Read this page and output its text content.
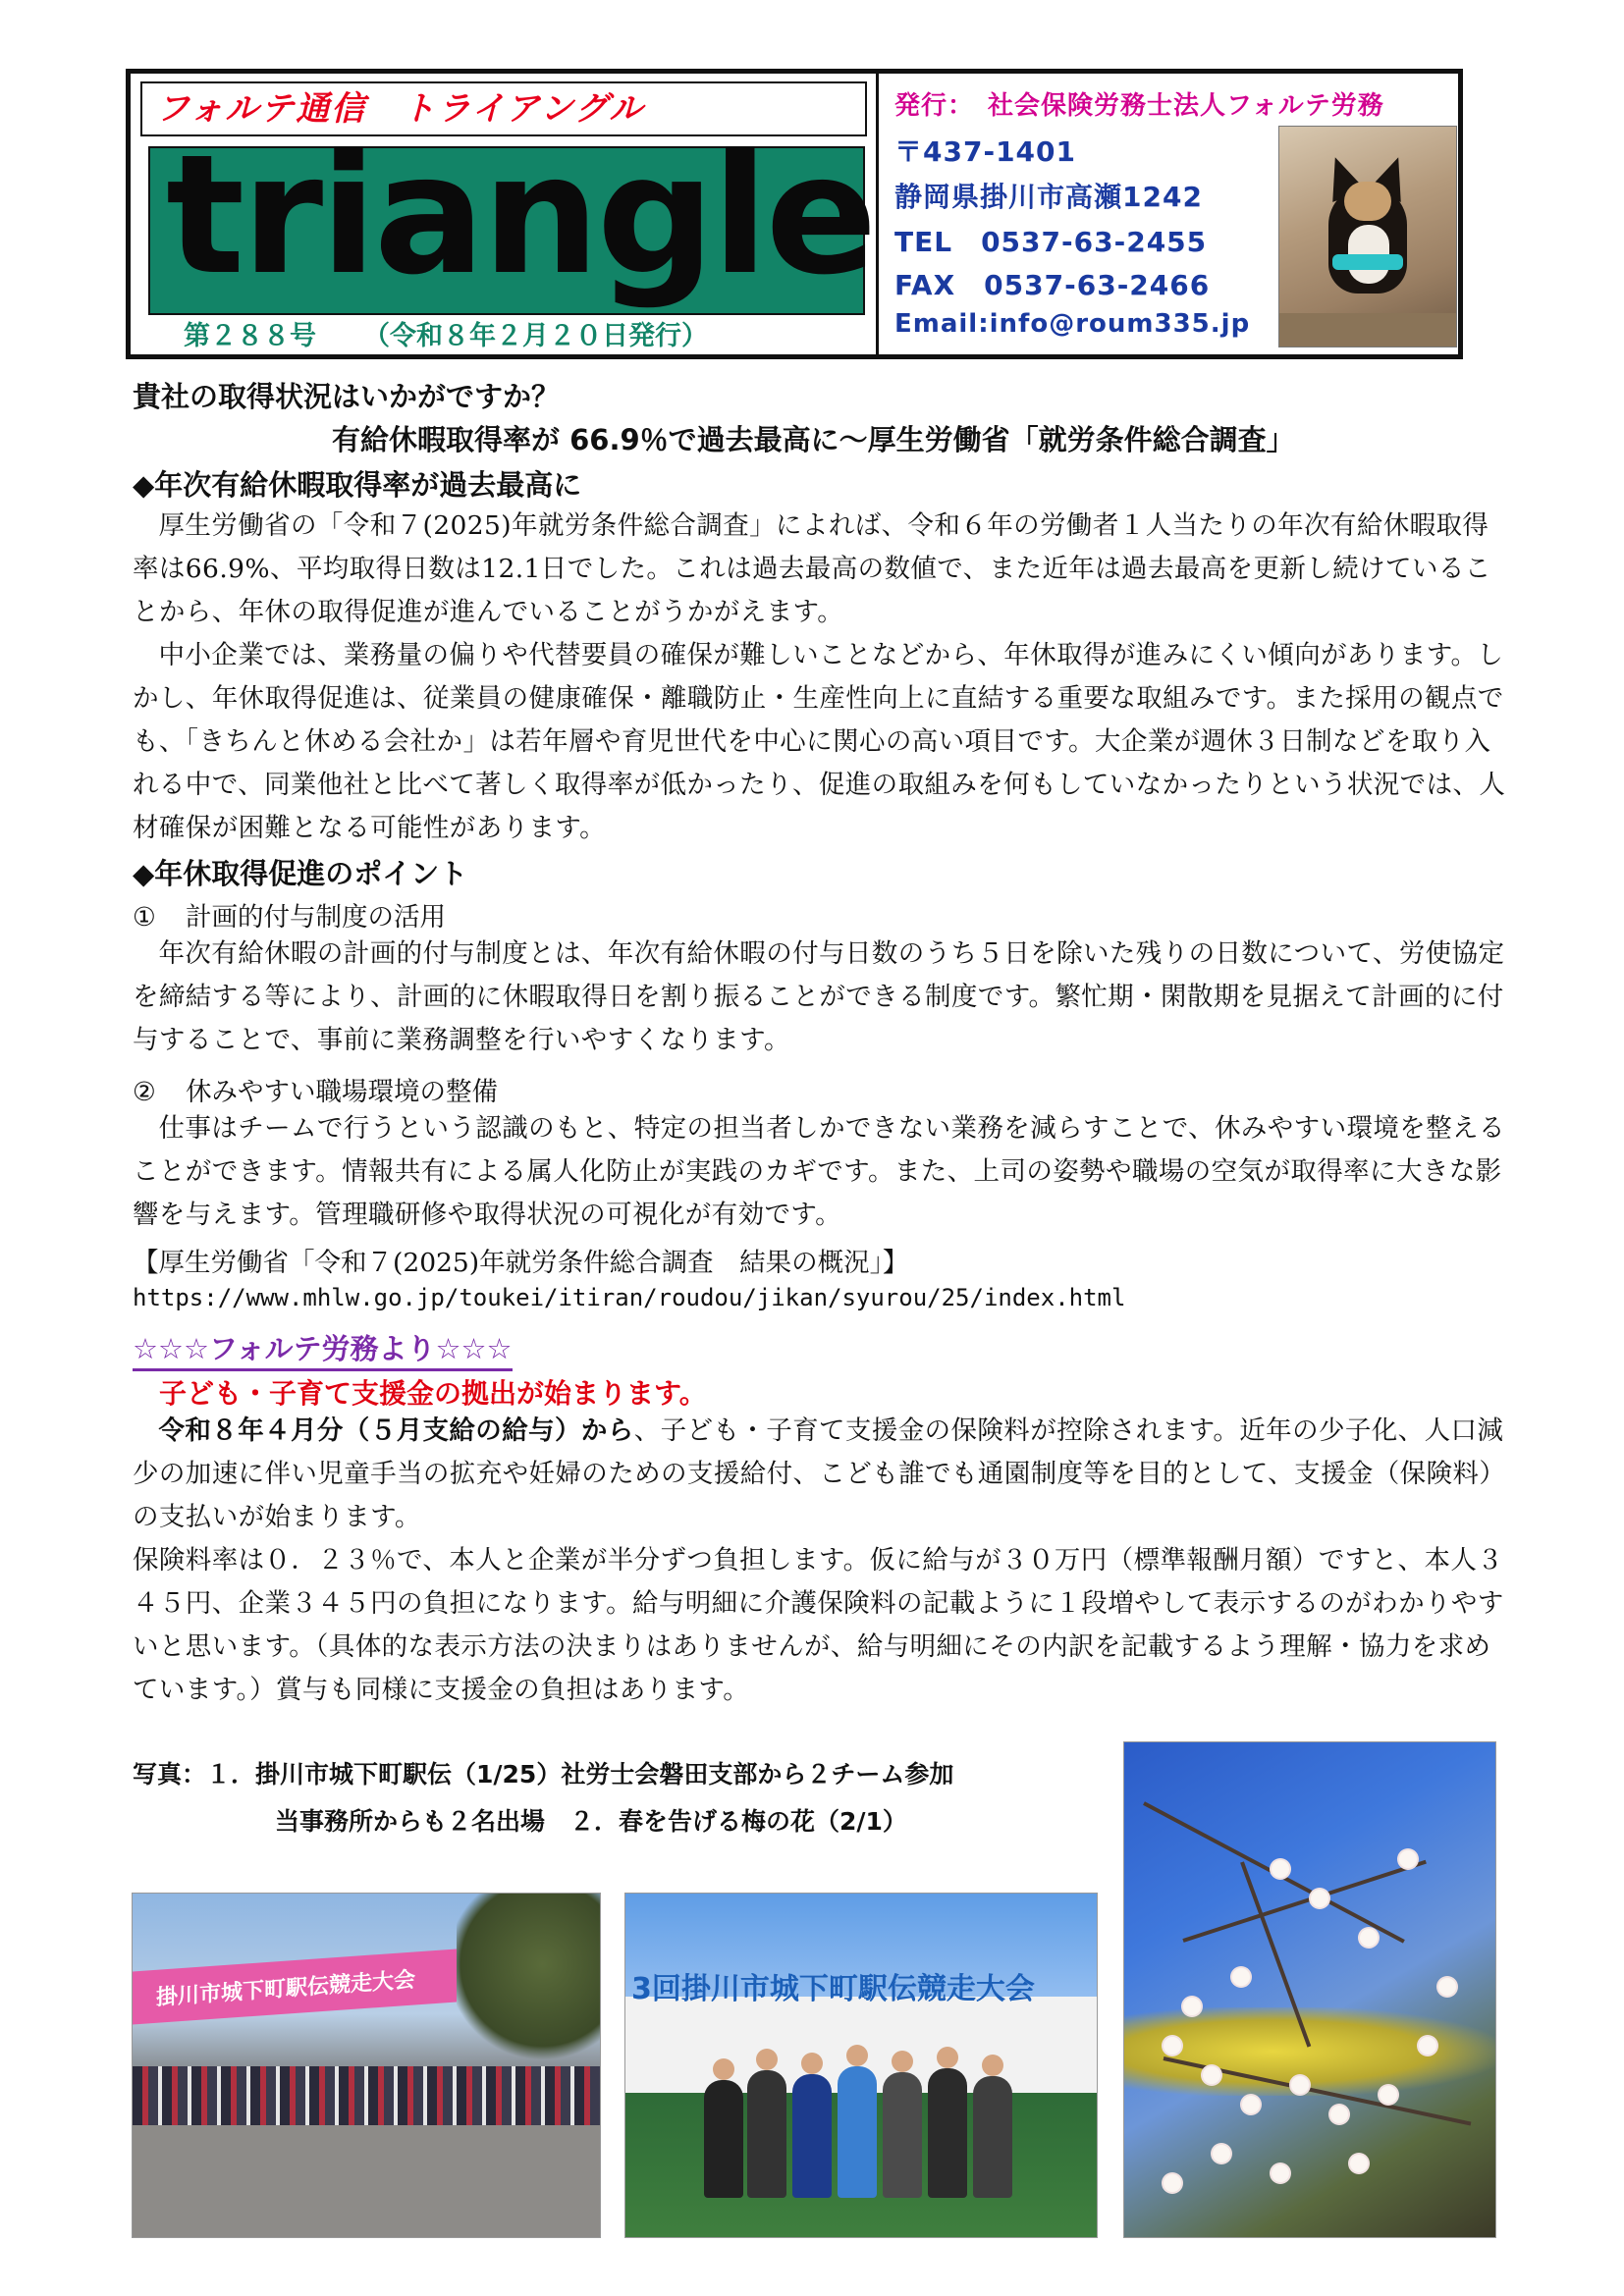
フォルテ通信　トライアングル
triangle
第２８８号 （令和８年２月２０日発行）
発行：　社会保険労務士法人フォルテ労務
〒437-1401
静岡県掛川市高瀬1242
TEL　0537-63-2455
FAX　0537-63-2466
Email:info@roum335.jp
貴社の取得状況はいかがですか？
有給休暇取得率が 66.9％で過去最高に～厚生労働省「就労条件総合調査」
◆年次有給休暇取得率が過去最高に

厚生労働省の「令和７(2025)年就労条件総合調査」によれば、令和６年の労働者１人当たりの年次有給休暇取得率は66.9%、平均取得日数は12.1日でした。これは過去最高の数値で、また近年は過去最高を更新し続けていることから、年休の取得促進が進んでいることがうかがえます。

中小企業では、業務量の偏りや代替要員の確保が難しいことなどから、年休取得が進みにくい傾向があります。しかし、年休取得促進は、従業員の健康確保・離職防止・生産性向上に直結する重要な取組みです。また採用の観点でも、「きちんと休める会社か」は若年層や育児世代を中心に関心の高い項目です。大企業が週休３日制などを取り入れる中で、同業他社と比べて著しく取得率が低かったり、促進の取組みを何もしていなかったりという状況では、人材確保が困難となる可能性があります。

◆年休取得促進のポイント
① 計画的付与制度の活用

年次有給休暇の計画的付与制度とは、年次有給休暇の付与日数のうち５日を除いた残りの日数について、労使協定を締結する等により、計画的に休暇取得日を割り振ることができる制度です。繁忙期・閑散期を見据えて計画的に付与することで、事前に業務調整を行いやすくなります。

② 休みやすい職場環境の整備

仕事はチームで行うという認識のもと、特定の担当者しかできない業務を減らすことで、休みやすい環境を整えることができます。情報共有による属人化防止が実践のカギです。また、上司の姿勢や職場の空気が取得率に大きな影響を与えます。管理職研修や取得状況の可視化が有効です。

【厚生労働省「令和７(2025)年就労条件総合調査　結果の概況」】
https://www.mhlw.go.jp/toukei/itiran/roudou/jikan/syurou/25/index.html
☆☆☆フォルテ労務より☆☆☆
子ども・子育て支援金の拠出が始まります。

令和８年４月分（５月支給の給与）から、子ども・子育て支援金の保険料が控除されます。近年の少子化、人口減少の加速に伴い児童手当の拡充や妊婦のための支援給付、こども誰でも通園制度等を目的として、支援金（保険料）の支払いが始まります。

保険料率は０．２３％で、本人と企業が半分ずつ負担します。仮に給与が３０万円（標準報酬月額）ですと、本人３４５円、企業３４５円の負担になります。給与明細に介護保険料の記載ように１段増やして表示するのがわかりやすいと思います。（具体的な表示方法の決まりはありませんが、給与明細にその内訳を記載するよう理解・協力を求めています。）賞与も同様に支援金の負担はあります。

写真：１．掛川市城下町駅伝（1/25）社労士会磐田支部から２チーム参加
当事務所からも２名出場　２．春を告げる梅の花（2/1）
掛川市城下町駅伝競走大会	3回掛川市城下町駅伝競走大会
